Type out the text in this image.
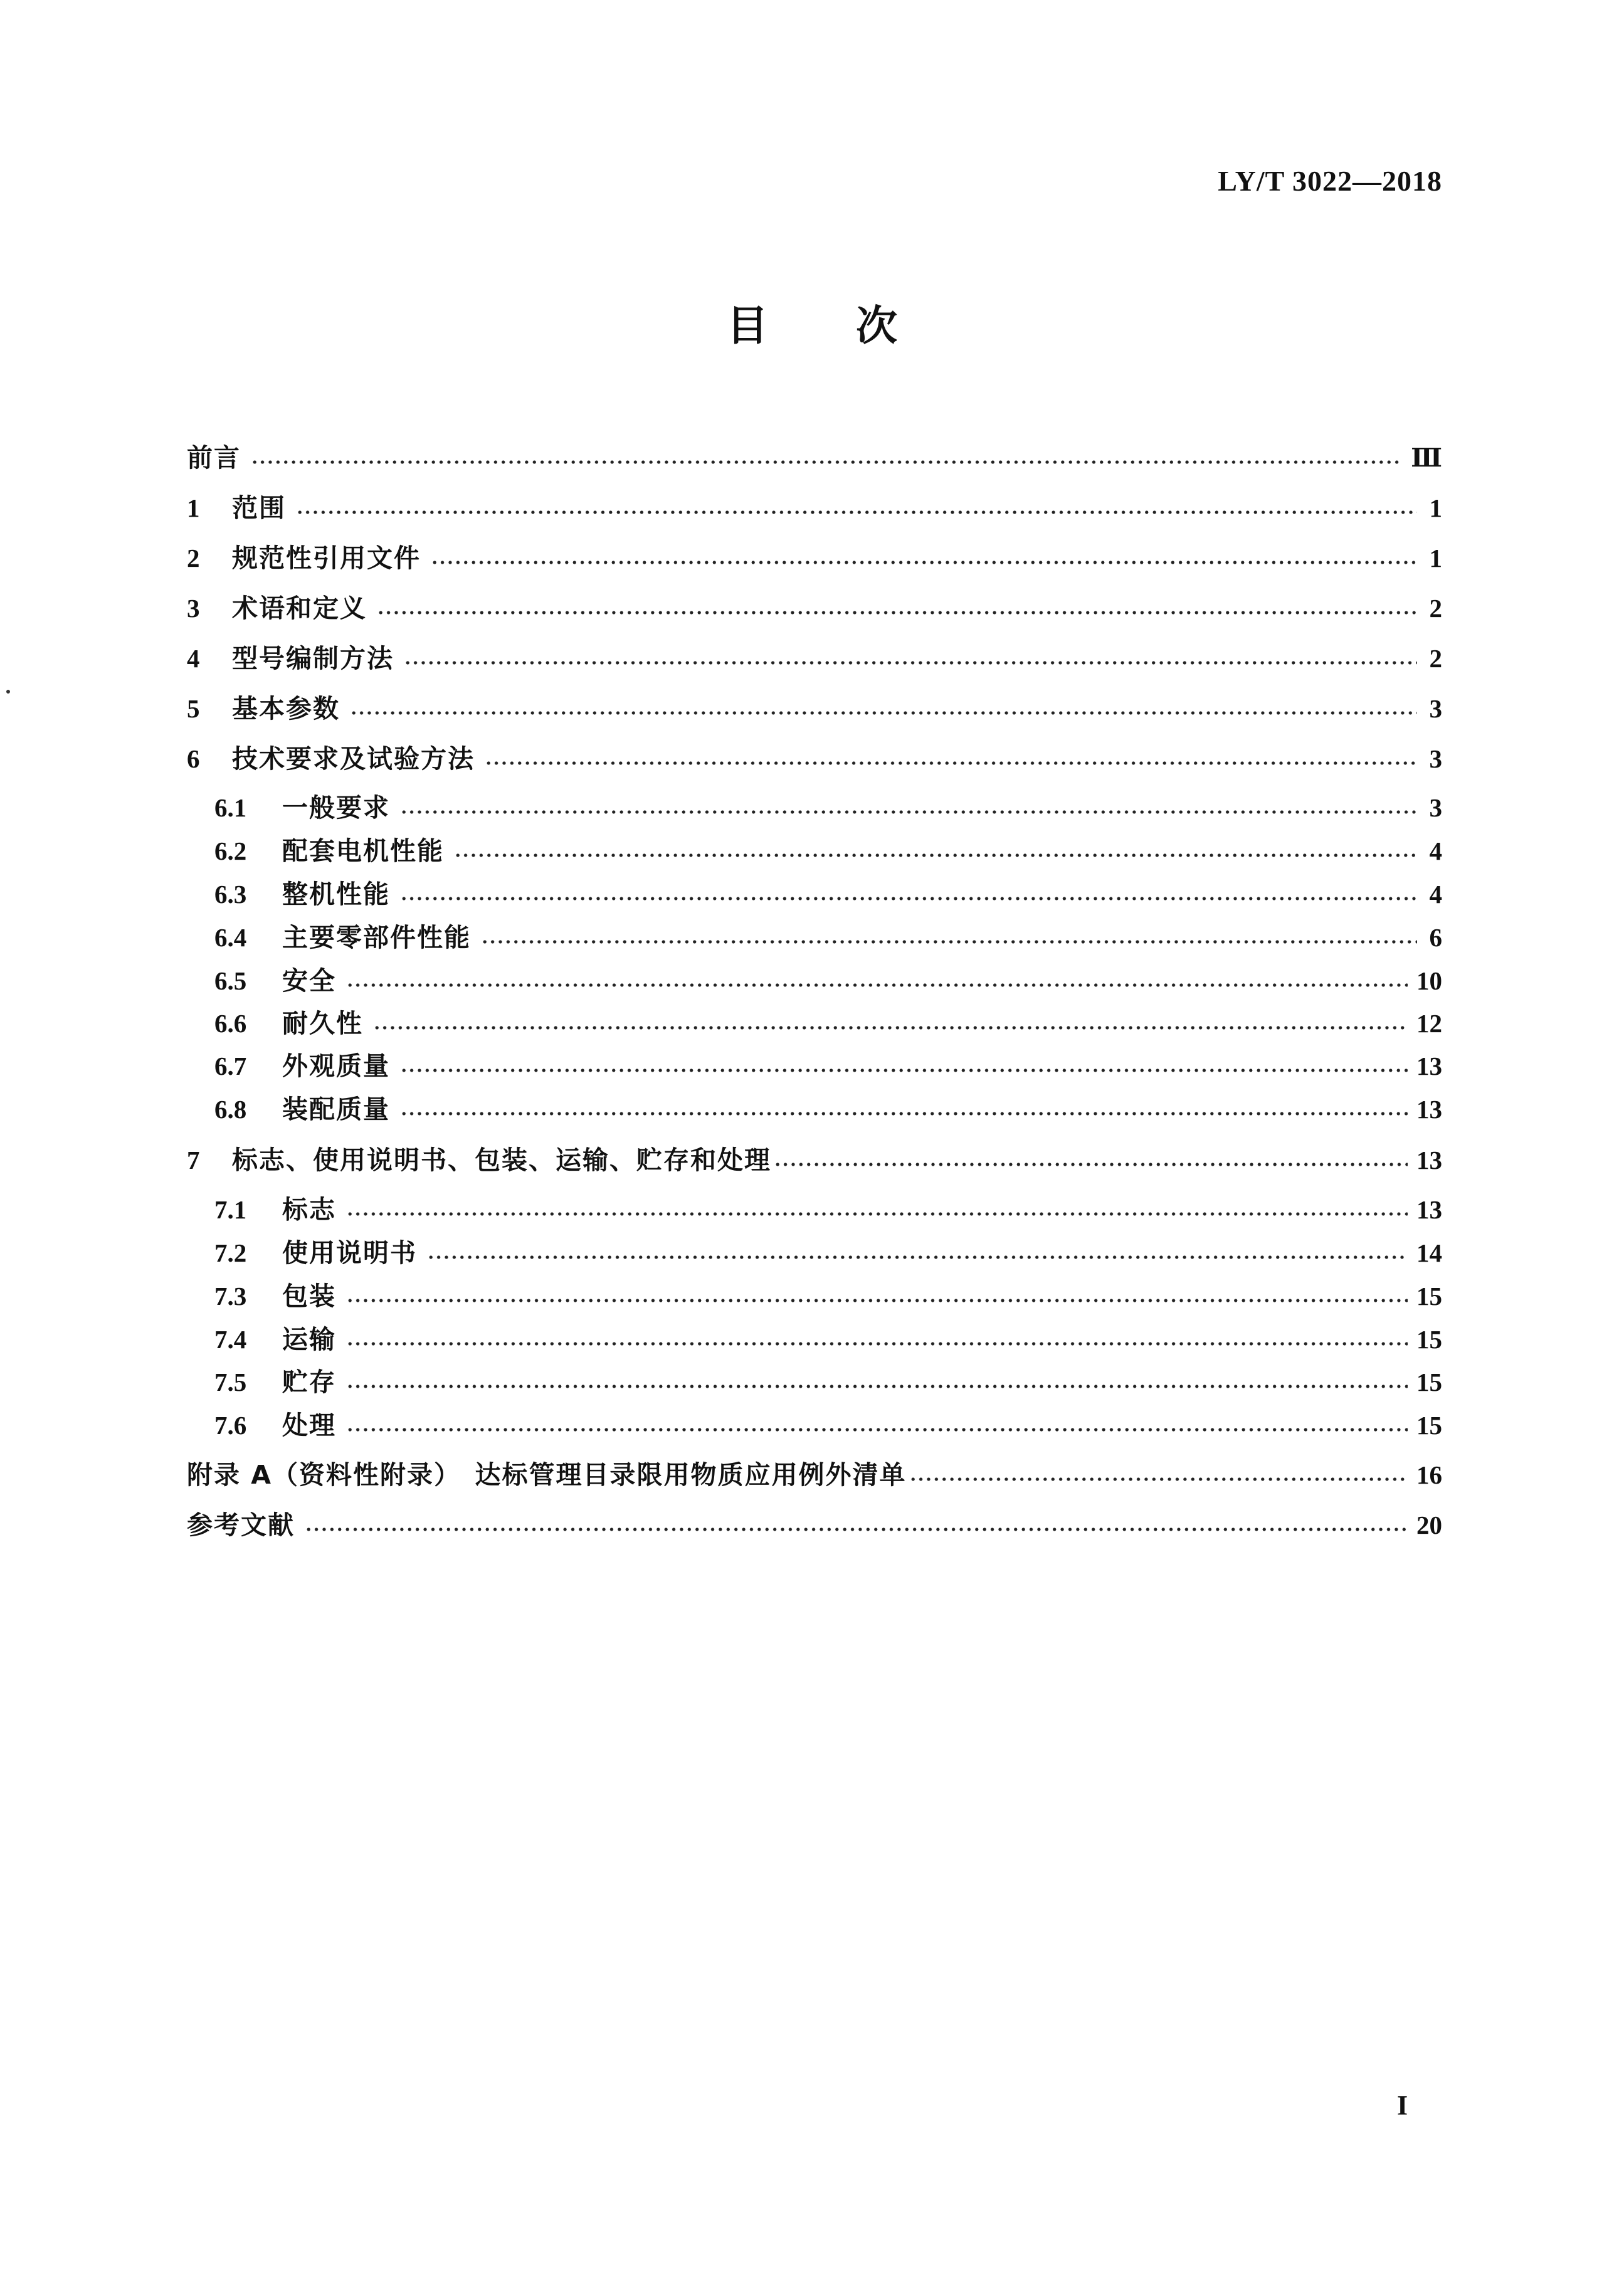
LY/T 3022—2018
目 次
前言	Ⅲ
1	范围	1
2	规范性引用文件	1
3	术语和定义	2
4	型号编制方法	2
5	基本参数	3
6	技术要求及试验方法	3
6.1	一般要求	3
6.2	配套电机性能	4
6.3	整机性能	4
6.4	主要零部件性能	6
6.5	安全	10
6.6	耐久性	12
6.7	外观质量	13
6.8	装配质量	13
7	标志、使用说明书、包装、运输、贮存和处理	13
7.1	标志	13
7.2	使用说明书	14
7.3	包装	15
7.4	运输	15
7.5	贮存	15
7.6	处理	15
附录 A（资料性附录）　达标管理目录限用物质应用例外清单	16
参考文献	20
I
